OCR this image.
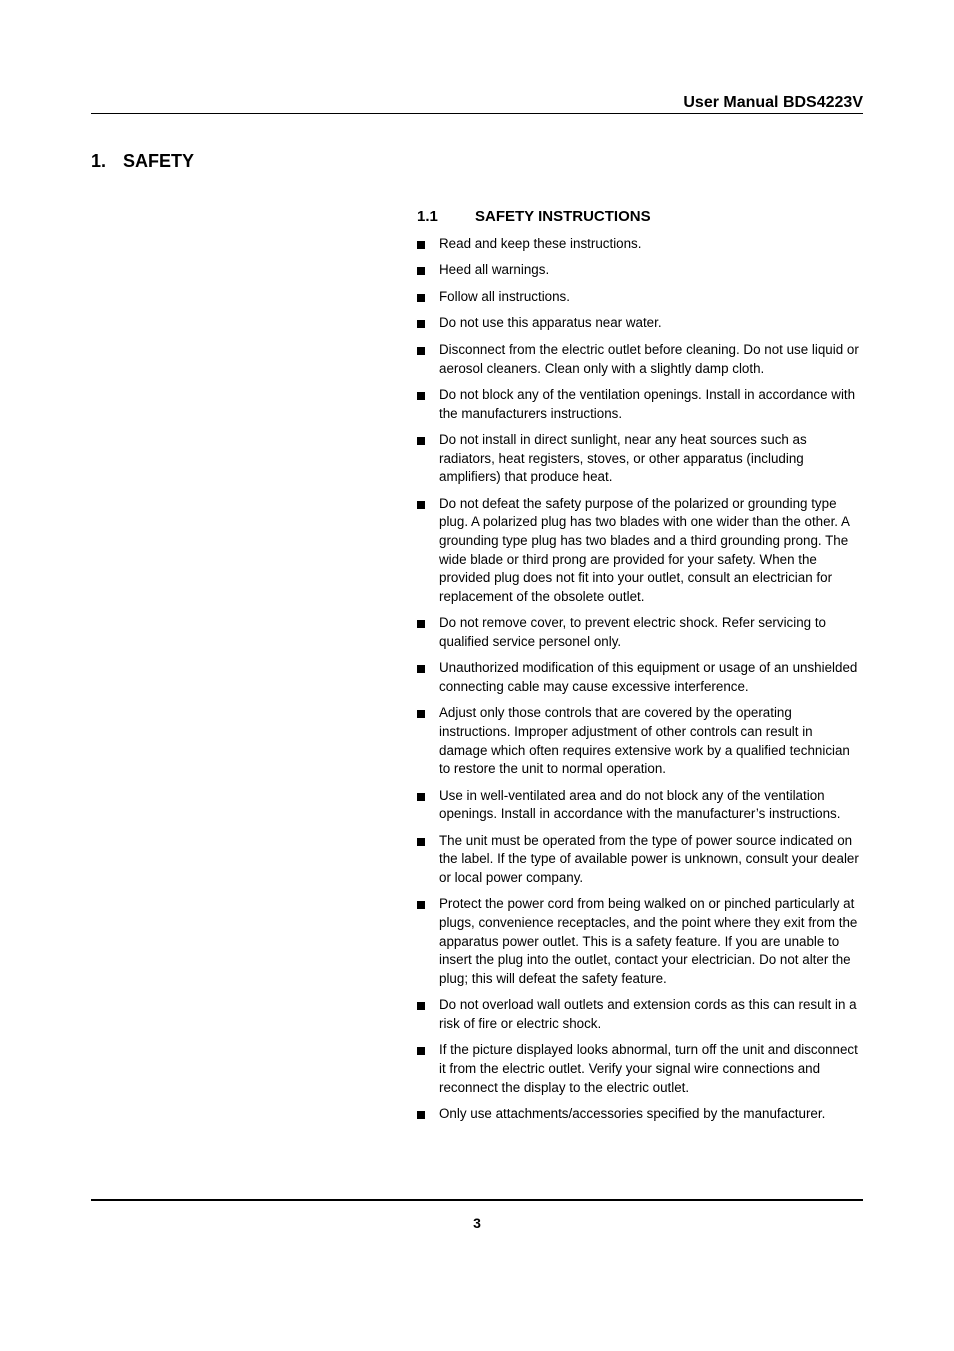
User Manual BDS4223V
1. SAFETY
1.1 SAFETY INSTRUCTIONS
Read and keep these instructions.
Heed all warnings.
Follow all instructions.
Do not use this apparatus near water.
Disconnect from the electric outlet before cleaning. Do not use liquid or aerosol cleaners. Clean only with a slightly damp cloth.
Do not block any of the ventilation openings. Install in accordance with the manufacturers instructions.
Do not install in direct sunlight, near any heat sources such as radiators, heat registers, stoves, or other apparatus (including amplifiers) that produce heat.
Do not defeat the safety purpose of the polarized or grounding type plug. A polarized plug has two blades with one wider than the other. A grounding type plug has two blades and a third grounding prong. The wide blade or third prong are provided for your safety. When the provided plug does not fit into your outlet, consult an electrician for replacement of the obsolete outlet.
Do not remove cover, to prevent electric shock. Refer servicing to qualified service personel only.
Unauthorized modification of this equipment or usage of an unshielded connecting cable may cause excessive interference.
Adjust only those controls that are covered by the operating instructions. Improper adjustment of other controls can result in damage which often requires extensive work by a qualified technician to restore the unit to normal operation.
Use in well-ventilated area and do not block any of the ventilation openings. Install in accordance with the manufacturer’s instructions.
The unit must be operated from the type of power source indicated on the label. If the type of available power is unknown, consult your dealer or local power company.
Protect the power cord from being walked on or pinched particularly at plugs, convenience receptacles, and the point where they exit from the apparatus power outlet. This is a safety feature. If you are unable to insert the plug into the outlet, contact your electrician. Do not alter the plug; this will defeat the safety feature.
Do not overload wall outlets and extension cords as this can result in a risk of fire or electric shock.
If the picture displayed looks abnormal, turn off the unit and disconnect it from the electric outlet. Verify your signal wire connections and reconnect the display to the electric outlet.
Only use attachments/accessories specified by the manufacturer.
3
